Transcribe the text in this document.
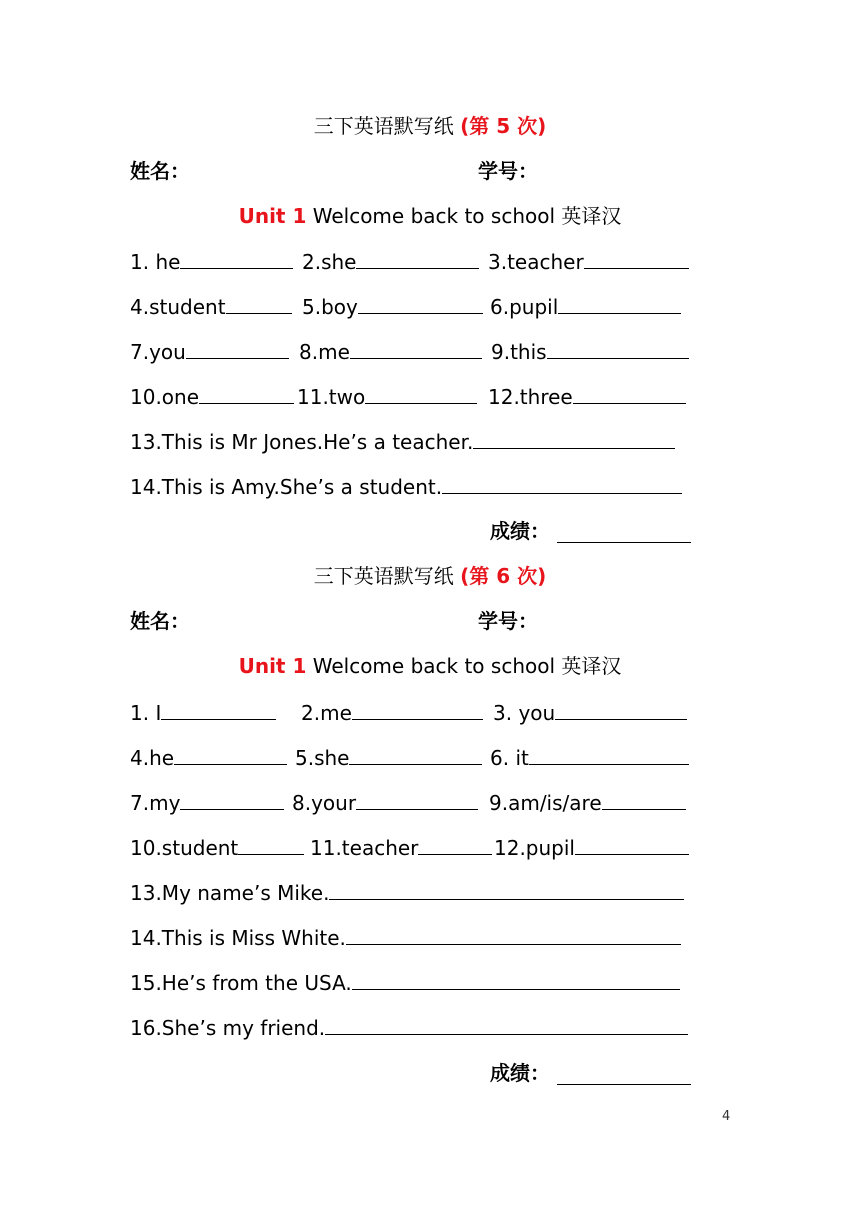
三下英语默写纸 (第 5 次)
姓名：	学号：
Unit 1 Welcome back to school 英译汉
1. he	2.she	3.teacher
4.student	5.boy	6.pupil
7.you	8.me	9.this
10.one	11.two	12.three
13.This is Mr Jones.He’s a teacher.
14.This is Amy.She’s a student.
成绩：
三下英语默写纸 (第 6 次)
姓名：	学号：
Unit 1 Welcome back to school 英译汉
1. I	2.me	3. you
4.he	5.she	6. it
7.my	8.your	9.am/is/are
10.student	11.teacher	12.pupil
13.My name’s Mike.
14.This is Miss White.
15.He’s from the USA.
16.She’s my friend.
成绩：
4
